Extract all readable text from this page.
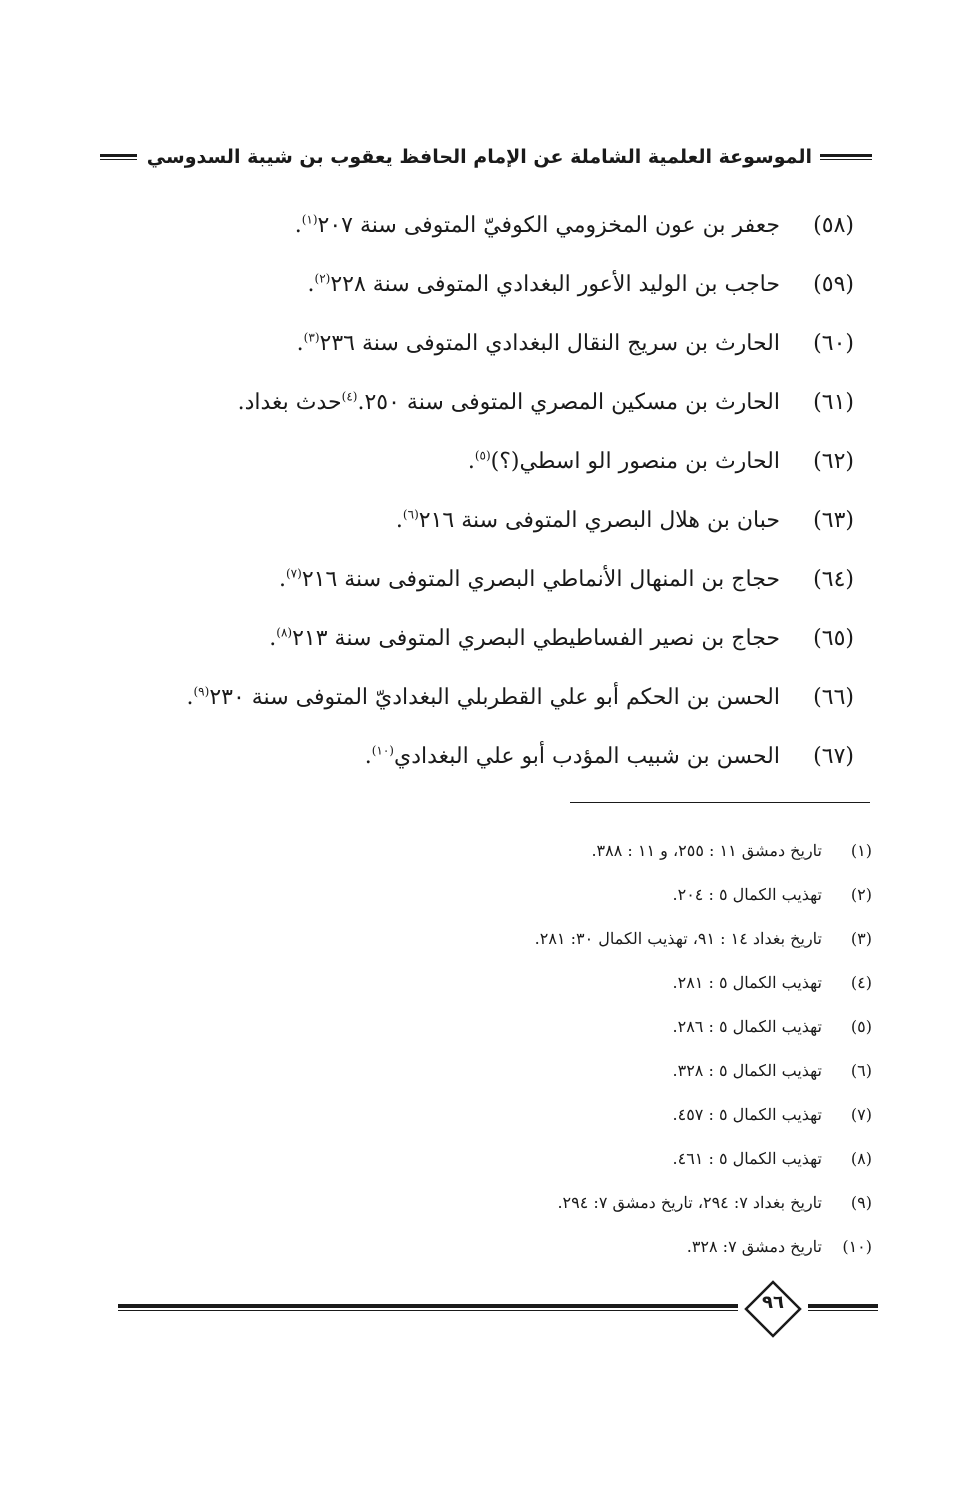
الموسوعة العلمية الشاملة عن الإمام الحافظ يعقوب بن شيبة السدوسي
(٥٨)
جعفر بن عون المخزومي الكوفيّ المتوفى سنة ٢٠٧$^{(١)}$.
(٥٩)
حاجب بن الوليد الأعور البغدادي المتوفى سنة ٢٢٨$^{(٢)}$.
(٦٠)
الحارث بن سريج النقال البغدادي المتوفى سنة ٢٣٦$^{(٣)}$.
(٦١)
الحارث بن مسكين المصري المتوفى سنة ٢٥٠.$^{(٤)}$حدث بغداد.
(٦٢)
الحارث بن منصور الو اسطي(؟)$^{(٥)}$.
(٦٣)
حبان بن هلال البصري المتوفى سنة ٢١٦$^{(٦)}$.
(٦٤)
حجاج بن المنهال الأنماطي البصري المتوفى سنة ٢١٦$^{(٧)}$.
(٦٥)
حجاج بن نصير الفساطيطي البصري المتوفى سنة ٢١٣$^{(٨)}$.
(٦٦)
الحسن بن الحكم أبو علي القطربلي البغداديّ المتوفى سنة ٢٣٠$^{(٩)}$.
(٦٧)
الحسن بن شبيب المؤدب أبو علي البغدادي$^{(١٠)}$.
(١)
تاريخ دمشق ١١ : ٢٥٥، و ١١ : ٣٨٨.
(٢)
تهذيب الكمال ٥ : ٢٠٤.
(٣)
تاريخ بغداد ١٤ : ٩١، تهذيب الكمال ٣٠: ٢٨١.
(٤)
تهذيب الكمال ٥ : ٢٨١.
(٥)
تهذيب الكمال ٥ : ٢٨٦.
(٦)
تهذيب الكمال ٥ : ٣٢٨.
(٧)
تهذيب الكمال ٥ : ٤٥٧.
(٨)
تهذيب الكمال ٥ : ٤٦١.
(٩)
تاريخ بغداد ٧: ٢٩٤، تاريخ دمشق ٧: ٢٩٤.
(١٠)
تاريخ دمشق ٧: ٣٢٨.
٩٦
